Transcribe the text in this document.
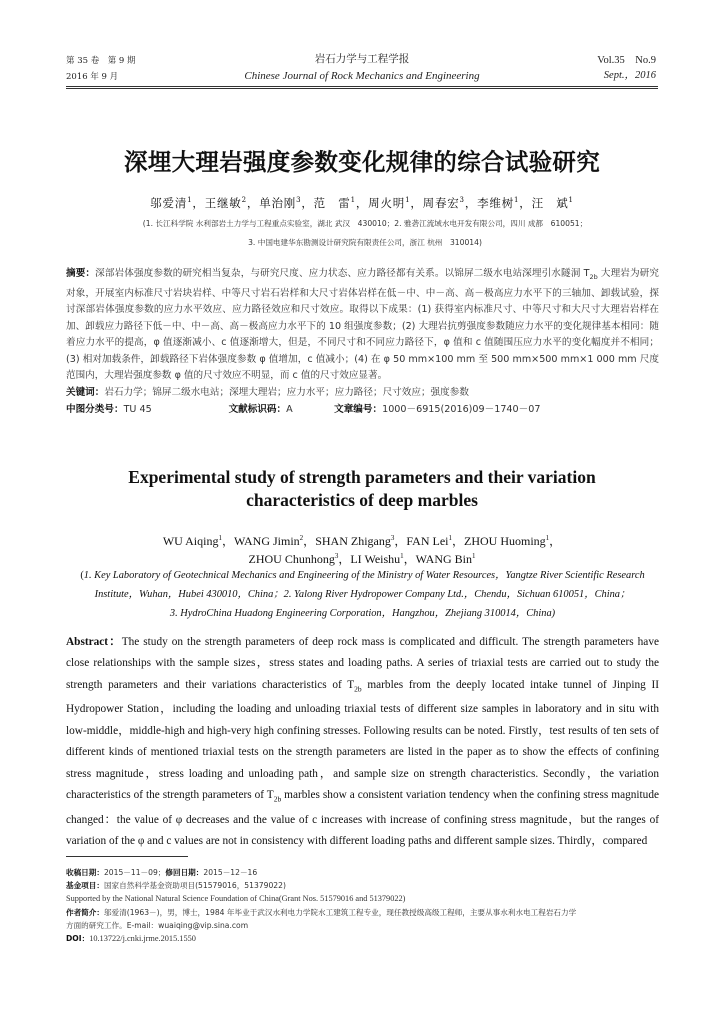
第 35 卷　第 9 期
2016 年 9 月
岩石力学与工程学报
Chinese Journal of Rock Mechanics and Engineering
Vol.35　No.9
Sept.，2016
深埋大理岩强度参数变化规律的综合试验研究
邬爱清$^1$，王继敏$^2$，单治刚$^3$，范　雷$^1$，周火明$^1$，周春宏$^3$，李维树$^1$，汪　斌$^1$
(1. 长江科学院 水利部岩土力学与工程重点实验室，湖北 武汉　430010；2. 雅砻江流域水电开发有限公司，四川 成都　610051；
3. 中国电建华东勘测设计研究院有限责任公司，浙江 杭州　310014)
摘要：深部岩体强度参数的研究相当复杂，与研究尺度、应力状态、应力路径都有关系。以锦屏二级水电站深埋引水隧洞 $T_{2b}$ 大理岩为研究对象，开展室内标准尺寸岩块岩样、中等尺寸岩石岩样和大尺寸岩体岩样在低－中、中－高、高－极高应力水平下的三轴加、卸载试验，探讨深部岩体强度参数的应力水平效应、应力路径效应和尺寸效应。取得以下成果：(1) 获得室内标准尺寸、中等尺寸和大尺寸大理岩岩样在加、卸载应力路径下低－中、中－高、高－极高应力水平下的 10 组强度参数；(2) 大理岩抗剪强度参数随应力水平的变化规律基本相同：随着应力水平的提高，φ 值逐渐减小、c 值逐渐增大，但是，不同尺寸和不同应力路径下，φ 值和 c 值随围压应力水平的变化幅度并不相同；(3) 相对加载条件，卸载路径下岩体强度参数 φ 值增加，c 值减小；(4) 在 φ 50 mm×100 mm 至 500 mm×500 mm×1 000 mm 尺度范围内，大理岩强度参数 φ 值的尺寸效应不明显，而 c 值的尺寸效应显著。
关键词：岩石力学；锦屏二级水电站；深埋大理岩；应力水平；应力路径；尺寸效应；强度参数
中图分类号：TU 45	文献标识码：A	文章编号：1000－6915(2016)09－1740－07
Experimental study of strength parameters and their variation
characteristics of deep marbles
WU Aiqing$^1$，WANG Jimin$^2$，SHAN Zhigang$^3$，FAN Lei$^1$，ZHOU Huoming$^1$，
ZHOU Chunhong$^3$，LI Weishu$^1$，WANG Bin$^1$
(1. Key Laboratory of Geotechnical Mechanics and Engineering of the Ministry of Water Resources，Yangtze River Scientific Research
Institute，Wuhan，Hubei 430010，China；2. Yalong River Hydropower Company Ltd.，Chendu，Sichuan 610051，China；
3. HydroChina Huadong Engineering Corporation，Hangzhou，Zhejiang 310014，China)
Abstract：The study on the strength parameters of deep rock mass is complicated and difficult. The strength parameters have close relationships with the sample sizes，stress states and loading paths. A series of triaxial tests are carried out to study the strength parameters and their variations characteristics of $T_{2b}$ marbles from the deeply located intake tunnel of Jinping II Hydropower Station，including the loading and unloading triaxial tests of different size samples in laboratory and in situ with low-middle，middle-high and high-very high confining stresses. Following results can be noted. Firstly，test results of ten sets of different kinds of mentioned triaxial tests on the strength parameters are listed in the paper as to show the effects of confining stress magnitude，stress loading and unloading path，and sample size on strength characteristics. Secondly，the variation characteristics of the strength parameters of $T_{2b}$ marbles show a consistent variation tendency when the confining stress magnitude changed：the value of φ decreases and the value of c increases with increase of confining stress magnitude，but the ranges of variation of the φ and c values are not in consistency with different loading paths and different sample sizes. Thirdly，compared
收稿日期：2015－11－09；修回日期：2015－12－16
基金项目：国家自然科学基金资助项目(51579016，51379022)
Supported by the National Natural Science Foundation of China(Grant Nos. 51579016 and 51379022)
作者简介：邬爱清(1963－)，男，博士，1984 年毕业于武汉水利电力学院水工建筑工程专业，现任教授级高级工程师，主要从事水利水电工程岩石力学
方面的研究工作。E-mail：wuaiqing@vip.sina.com
DOI：10.13722/j.cnki.jrme.2015.1550
